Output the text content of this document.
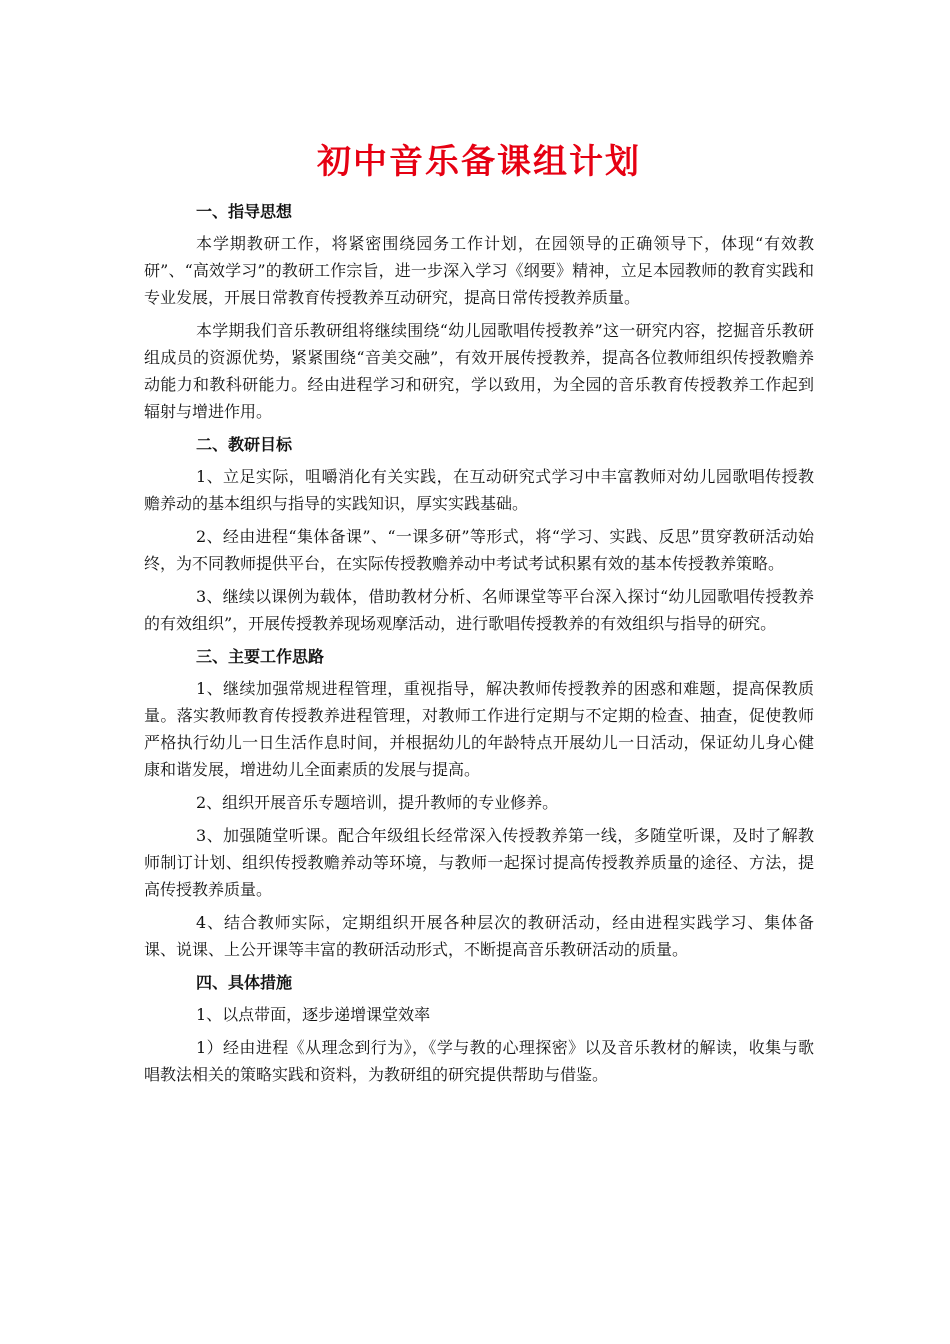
初中音乐备课组计划
一、指导思想

本学期教研工作，将紧密围绕园务工作计划，在园领导的正确领导下，体现“有效教研”、“高效学习”的教研工作宗旨，进一步深入学习《纲要》精神，立足本园教师的教育实践和专业发展，开展日常教育传授教养互动研究，提高日常传授教养质量。

本学期我们音乐教研组将继续围绕“幼儿园歌唱传授教养”这一研究内容，挖掘音乐教研组成员的资源优势，紧紧围绕“音美交融”，有效开展传授教养，提高各位教师组织传授教赡养动能力和教科研能力。经由进程学习和研究，学以致用，为全园的音乐教育传授教养工作起到辐射与增进作用。

二、教研目标

1、立足实际，咀嚼消化有关实践，在互动研究式学习中丰富教师对幼儿园歌唱传授教赡养动的基本组织与指导的实践知识，厚实实践基础。

2、经由进程“集体备课”、“一课多研”等形式，将“学习、实践、反思”贯穿教研活动始终，为不同教师提供平台，在实际传授教赡养动中考试考试积累有效的基本传授教养策略。

3、继续以课例为载体，借助教材分析、名师课堂等平台深入探讨“幼儿园歌唱传授教养的有效组织”，开展传授教养现场观摩活动，进行歌唱传授教养的有效组织与指导的研究。

三、主要工作思路

1、继续加强常规进程管理，重视指导，解决教师传授教养的困惑和难题，提高保教质量。落实教师教育传授教养进程管理，对教师工作进行定期与不定期的检查、抽查，促使教师严格执行幼儿一日生活作息时间，并根据幼儿的年龄特点开展幼儿一日活动，保证幼儿身心健康和谐发展，增进幼儿全面素质的发展与提高。

2、组织开展音乐专题培训，提升教师的专业修养。

3、加强随堂听课。配合年级组长经常深入传授教养第一线，多随堂听课，及时了解教师制订计划、组织传授教赡养动等环境，与教师一起探讨提高传授教养质量的途径、方法，提高传授教养质量。

4、结合教师实际，定期组织开展各种层次的教研活动，经由进程实践学习、集体备课、说课、上公开课等丰富的教研活动形式，不断提高音乐教研活动的质量。

四、具体措施

1、以点带面，逐步递增课堂效率

1）经由进程《从理念到行为》，《学与教的心理探密》以及音乐教材的解读，收集与歌唱教法相关的策略实践和资料，为教研组的研究提供帮助与借鉴。
